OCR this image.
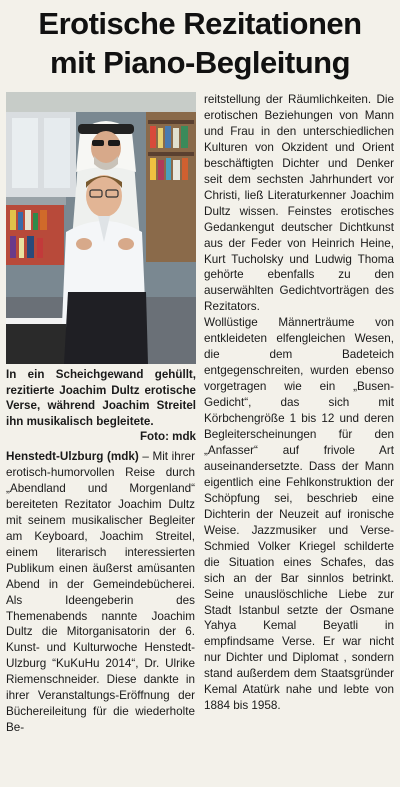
Erotische Rezitationen
mit Piano-Begleitung
In ein Scheichgewand gehüllt, rezitierte Joachim Dultz erotische Verse, während Joachim Streitel ihn musikalisch begleitete.
Foto: mdk

Henstedt-Ulzburg (mdk) – Mit ihrer erotisch-humorvollen Reise durch „Abendland und Morgenland“ bereiteten Rezitator Joachim Dultz mit seinem musikalischer Begleiter am Keyboard, Joachim Streitel, einem literarisch interessierten Publikum einen äußerst amüsanten Abend in der Gemeindebücherei. Als Ideengeberin des Themenabends nannte Joachim Dultz die Mitorganisatorin der 6. Kunst- und Kulturwoche Henstedt-Ulzburg “KuKuHu 2014“, Dr. Ulrike Riemenschneider. Diese dankte in ihrer Veranstaltungs-Eröffnung der Büchereileitung für die wiederholte Be-

reitstellung der Räumlichkeiten. Die erotischen Beziehungen von Mann und Frau in den unterschiedlichen Kulturen von Okzident und Orient beschäftigten Dichter und Denker seit dem sechsten Jahrhundert vor Christi, ließ Literaturkenner Joachim Dultz wissen. Feinstes erotisches Gedankengut deutscher Dichtkunst aus der Feder von Heinrich Heine, Kurt Tucholsky und Ludwig Thoma gehörte ebenfalls zu den auserwählten Gedichtvorträgen des Rezitators.

Wollüstige Männerträume von entkleideten elfengleichen Wesen, die dem Badeteich entgegenschreiten, wurden ebenso vorgetragen wie ein „Busen-Gedicht“, das sich mit Körbchengröße 1 bis 12 und deren Begleiterscheinungen für den „Anfasser“ auf frivole Art auseinandersetzte. Dass der Mann eigentlich eine Fehlkonstruktion der Schöpfung sei, beschrieb eine Dichterin der Neuzeit auf ironische Weise. Jazzmusiker und Verse-Schmied Volker Kriegel schilderte die Situation eines Schafes, das sich an der Bar sinnlos betrinkt. Seine unauslöschliche Liebe zur Stadt Istanbul setzte der Osmane Yahya Kemal Beyatli in empfindsame Verse. Er war nicht nur Dichter und Diplomat , sondern stand außerdem dem Staatsgründer Kemal Atatürk nahe und lebte von 1884 bis 1958.
